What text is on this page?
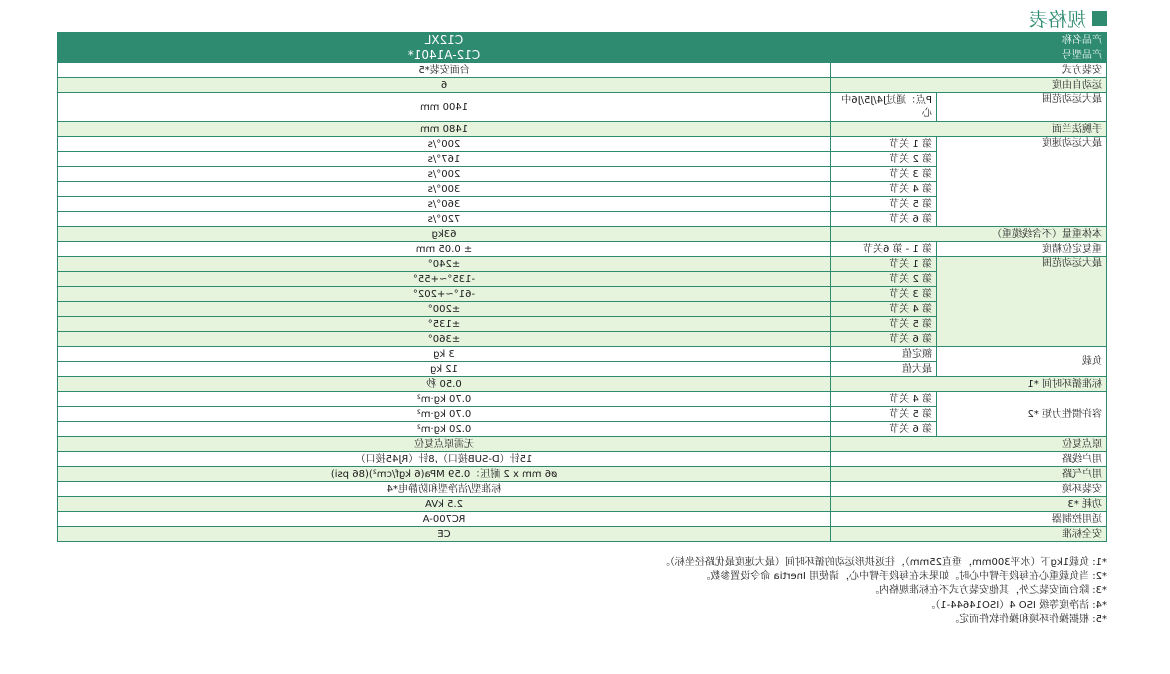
规格表
产品名称		C12XL
产品型号		C12-A1401*
安装方式		台面安装*5
运动自由度		6
最大运动范围	P点：通过J4/J5/J6中心	1400 mm
手腕法兰面		1480 mm
最大运动速度	第 1 关节	200°/s
	第 2 关节	167°/s
	第 3 关节	200°/s
	第 4 关节	300°/s
	第 5 关节	360°/s
	第 6 关节	720°/s
本体重量（不含线缆重）		63kg
重复定位精度	第 1 - 第 6关节	± 0.05 mm
最大运动范围	第 1 关节	±240°
	第 2 关节	-135°~+55°
	第 3 关节	-61°~+202°
	第 4 关节	±200°
	第 5 关节	±135°
	第 6 关节	±360°
负载	额定值	3 kg
	最大值	12 kg
标准循环时间 *1		0.50 秒
容许惯性力矩 *2	第 4 关节	0.70 kg·m²
	第 5 关节	0.70 kg·m²
	第 6 关节	0.20 kg·m²
原点复位		无需原点复位
用户线路		15针（D-SUB接口）,8针（RJ45接口）
用户气路		ø6 mm x 2 耐压：0.59 MPa(6 kgf/cm²)(86 psi)
安装环境		标准型/洁净型和防静电*4
功耗 *3		2.5 kVA
适用控制器		RC700-A
安全标准		CE
*1: 负载1kg下（水平300mm，垂直25mm），往返拱形运动的循环时间（最大速度最优路径坐标）。
*2: 当负载重心在每段手臂中心时。如果未在每段手臂中心，请使用 Inertia 命令设置参数。
*3: 除台面安装之外，其他安装方式不在标准规格内。
*4: 洁净度等级 ISO 4（ISO14644-1）。
*5: 根据操作环境和操作软件而定。
